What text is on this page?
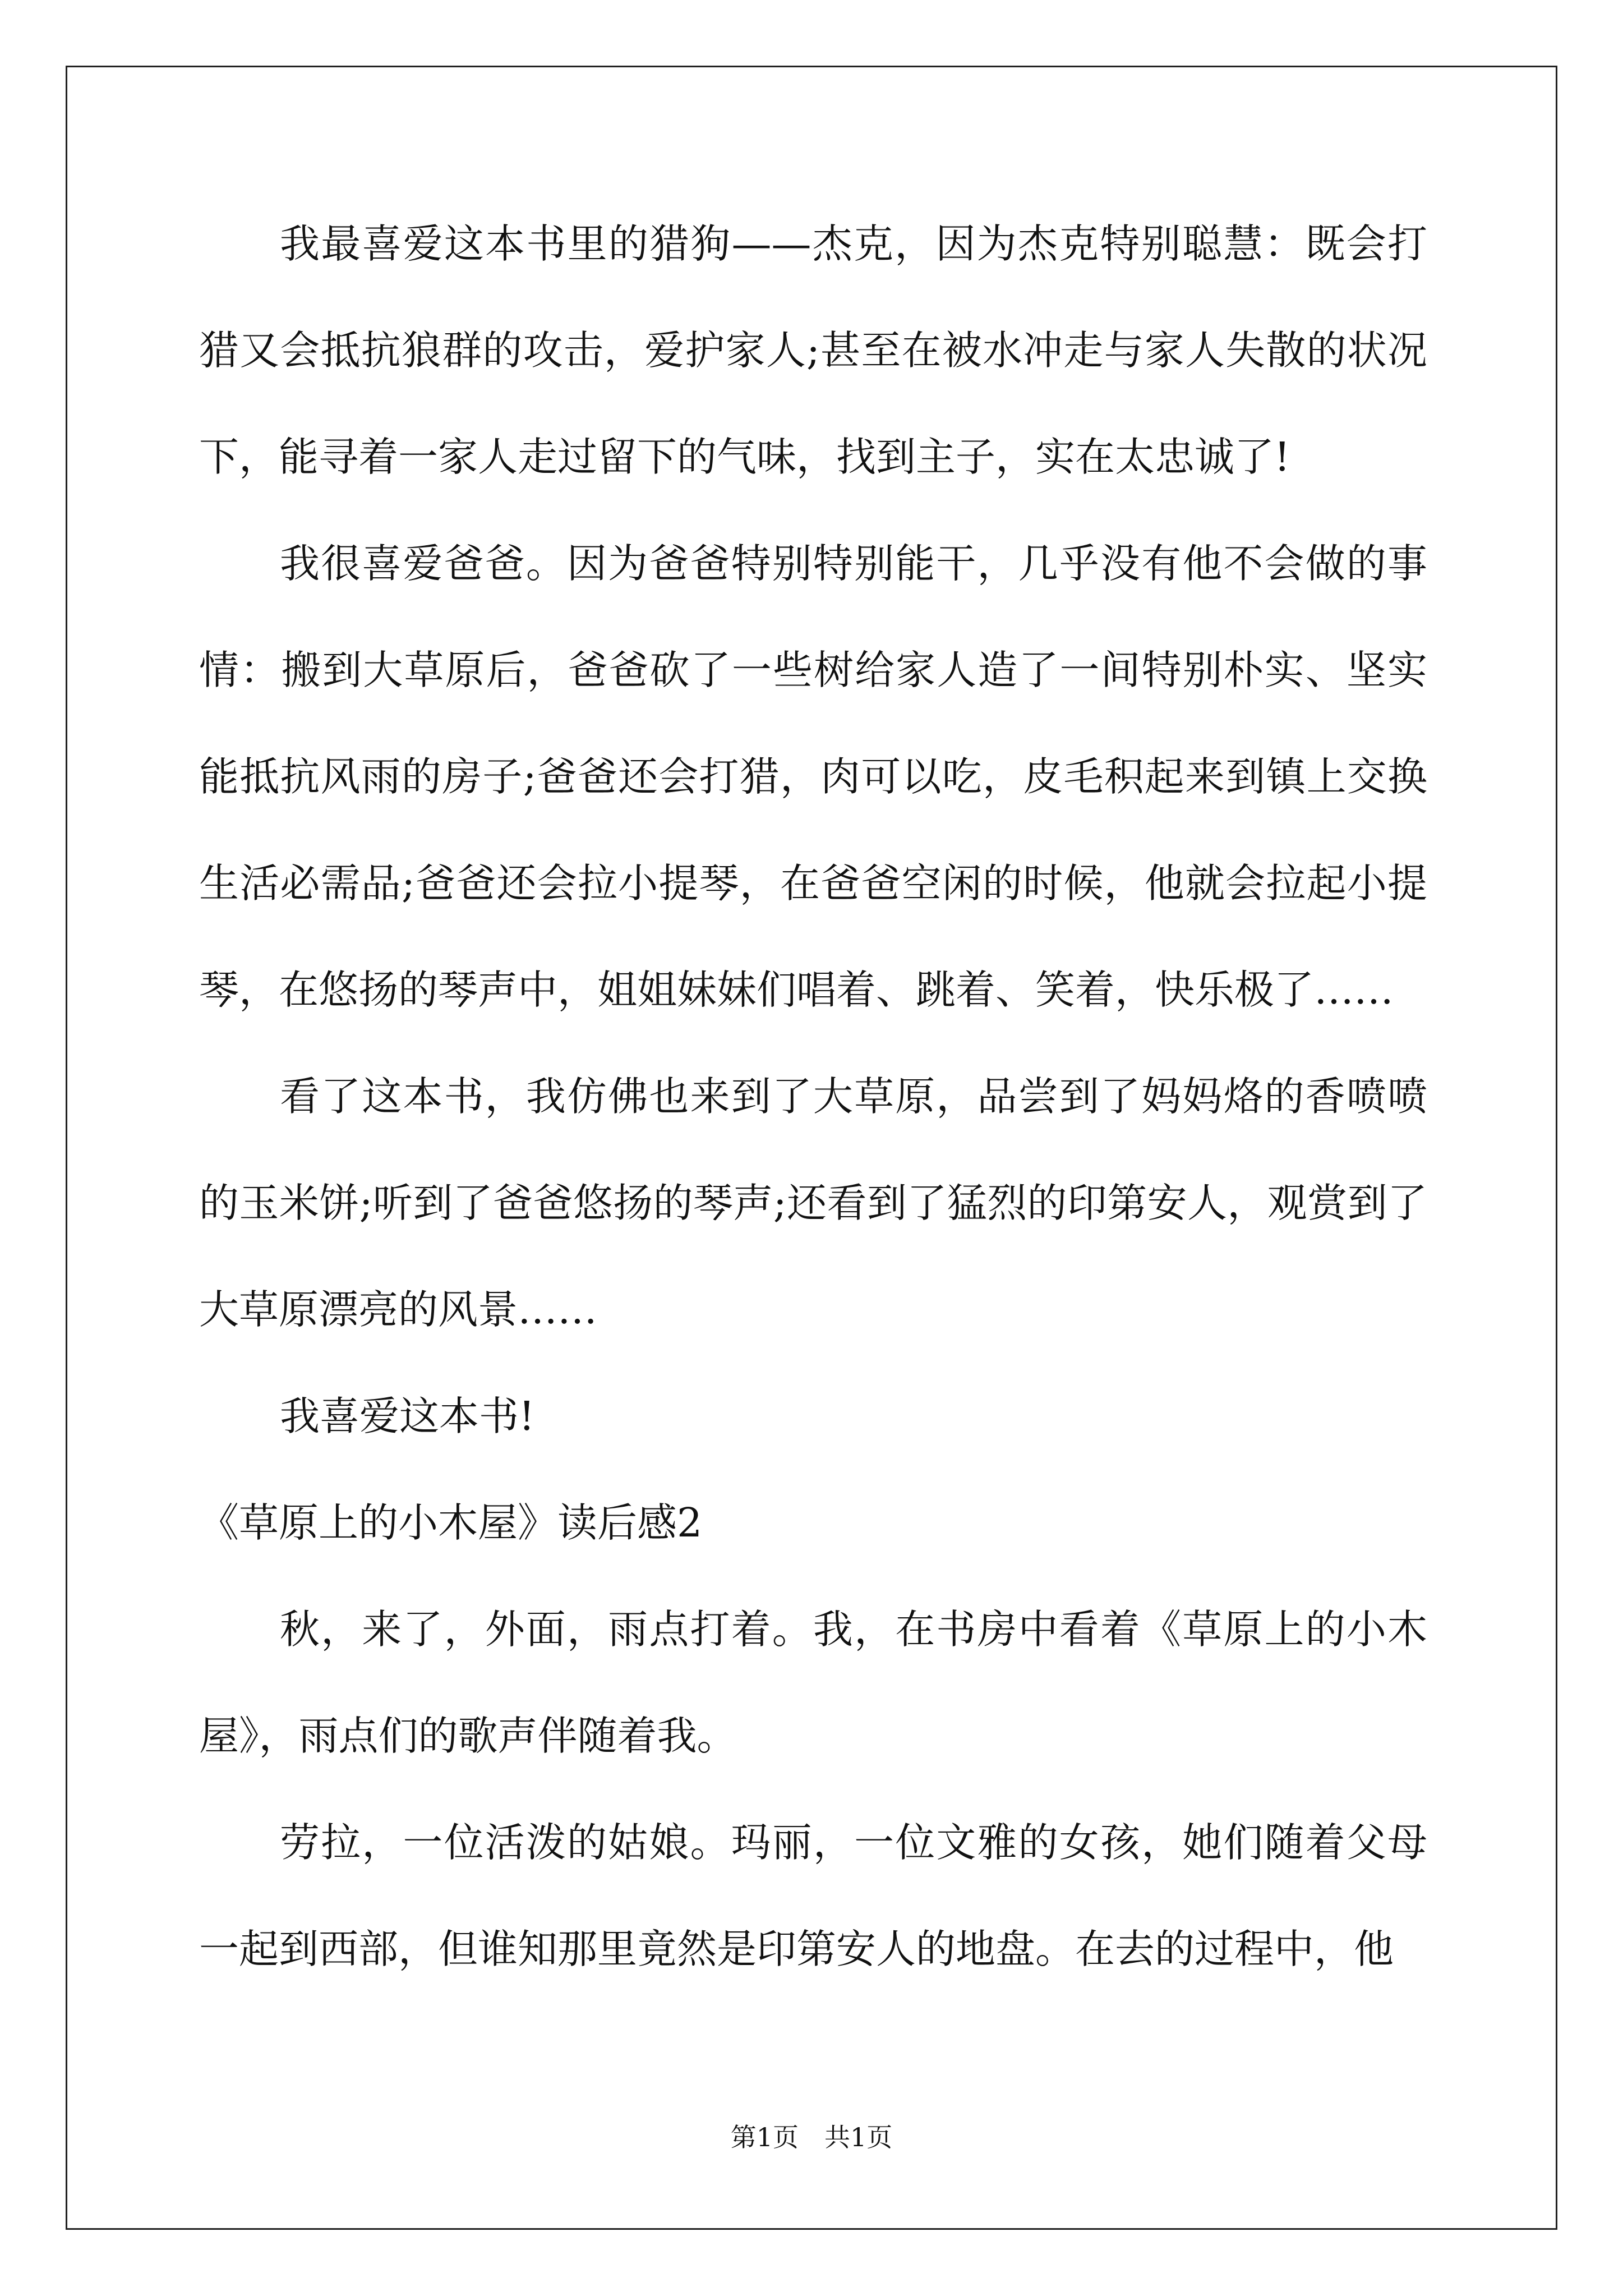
我最喜爱这本书里的猎狗——杰克，因为杰克特别聪慧：既会打猎又会抵抗狼群的攻击，爱护家人;甚至在被水冲走与家人失散的状况下，能寻着一家人走过留下的气味，找到主子，实在太忠诚了!

我很喜爱爸爸。因为爸爸特别特别能干，几乎没有他不会做的事情：搬到大草原后，爸爸砍了一些树给家人造了一间特别朴实、坚实能抵抗风雨的房子;爸爸还会打猎，肉可以吃，皮毛积起来到镇上交换生活必需品;爸爸还会拉小提琴，在爸爸空闲的时候，他就会拉起小提琴，在悠扬的琴声中，姐姐妹妹们唱着、跳着、笑着，快乐极了……

看了这本书，我仿佛也来到了大草原，品尝到了妈妈烙的香喷喷的玉米饼;听到了爸爸悠扬的琴声;还看到了猛烈的印第安人，观赏到了大草原漂亮的风景……

我喜爱这本书!

《草原上的小木屋》读后感2

秋，来了，外面，雨点打着。我，在书房中看着《草原上的小木屋》，雨点们的歌声伴随着我。

劳拉，一位活泼的姑娘。玛丽，一位文雅的女孩，她们随着父母一起到西部，但谁知那里竟然是印第安人的地盘。在去的过程中，他

第1页 共1页
